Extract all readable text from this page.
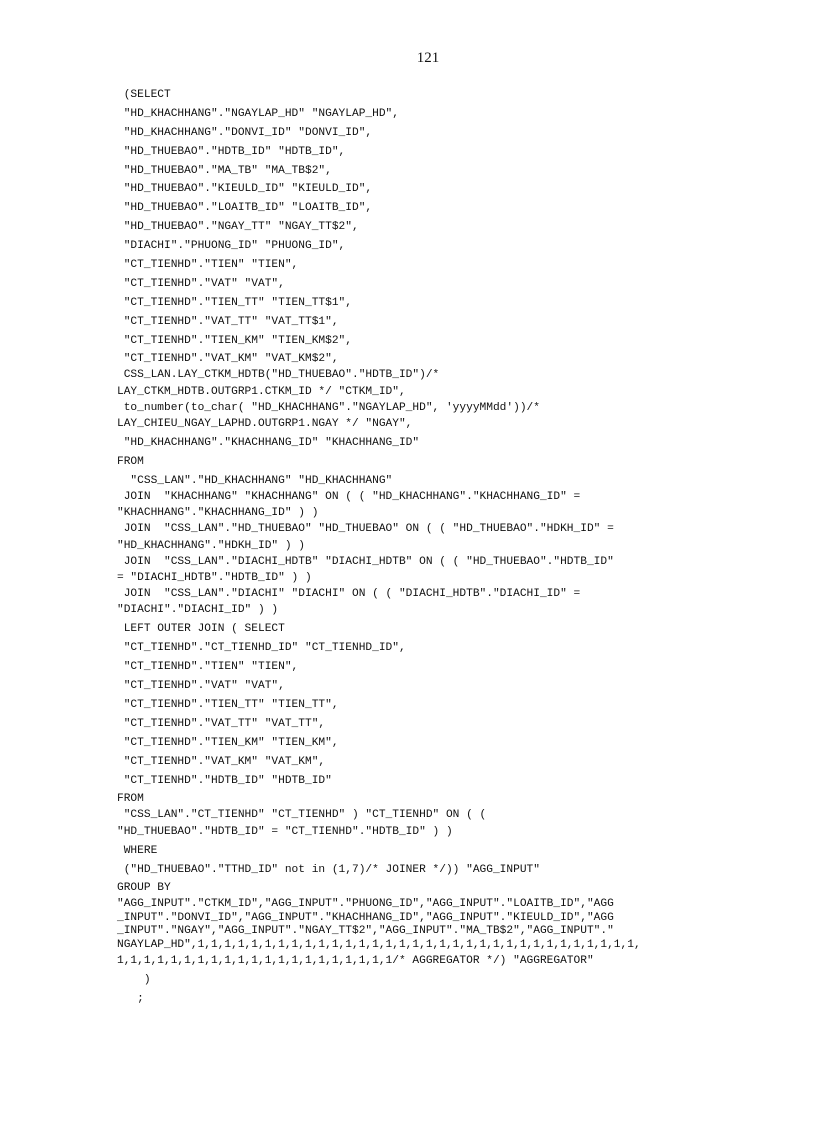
121
(SELECT
"HD_KHACHHANG"."NGAYLAP_HD" "NGAYLAP_HD",
"HD_KHACHHANG"."DONVI_ID" "DONVI_ID",
"HD_THUEBAO"."HDTB_ID" "HDTB_ID",
"HD_THUEBAO"."MA_TB" "MA_TB$2",
"HD_THUEBAO"."KIEULD_ID" "KIEULD_ID",
"HD_THUEBAO"."LOAITB_ID" "LOAITB_ID",
"HD_THUEBAO"."NGAY_TT" "NGAY_TT$2",
"DIACHI"."PHUONG_ID" "PHUONG_ID",
"CT_TIENHD"."TIEN" "TIEN",
"CT_TIENHD"."VAT" "VAT",
"CT_TIENHD"."TIEN_TT" "TIEN_TT$1",
"CT_TIENHD"."VAT_TT" "VAT_TT$1",
"CT_TIENHD"."TIEN_KM" "TIEN_KM$2",
"CT_TIENHD"."VAT_KM" "VAT_KM$2",
CSS_LAN.LAY_CTKM_HDTB("HD_THUEBAO"."HDTB_ID")/*
LAY_CTKM_HDTB.OUTGRP1.CTKM_ID */ "CTKM_ID",
to_number(to_char( "HD_KHACHHANG"."NGAYLAP_HD", 'yyyyMMdd'))/*
LAY_CHIEU_NGAY_LAPHD.OUTGRP1.NGAY */ "NGAY",
"HD_KHACHHANG"."KHACHHANG_ID" "KHACHHANG_ID"
FROM
"CSS_LAN"."HD_KHACHHANG" "HD_KHACHHANG"
JOIN  "KHACHHANG" "KHACHHANG" ON ( ( "HD_KHACHHANG"."KHACHHANG_ID" =
"KHACHHANG"."KHACHHANG_ID" ) )
JOIN  "CSS_LAN"."HD_THUEBAO" "HD_THUEBAO" ON ( ( "HD_THUEBAO"."HDKH_ID" =
"HD_KHACHHANG"."HDKH_ID" ) )
JOIN  "CSS_LAN"."DIACHI_HDTB" "DIACHI_HDTB" ON ( ( "HD_THUEBAO"."HDTB_ID"
= "DIACHI_HDTB"."HDTB_ID" ) )
JOIN  "CSS_LAN"."DIACHI" "DIACHI" ON ( ( "DIACHI_HDTB"."DIACHI_ID" =
"DIACHI"."DIACHI_ID" ) )
LEFT OUTER JOIN ( SELECT
"CT_TIENHD"."CT_TIENHD_ID" "CT_TIENHD_ID",
"CT_TIENHD"."TIEN" "TIEN",
"CT_TIENHD"."VAT" "VAT",
"CT_TIENHD"."TIEN_TT" "TIEN_TT",
"CT_TIENHD"."VAT_TT" "VAT_TT",
"CT_TIENHD"."TIEN_KM" "TIEN_KM",
"CT_TIENHD"."VAT_KM" "VAT_KM",
"CT_TIENHD"."HDTB_ID" "HDTB_ID"
FROM
"CSS_LAN"."CT_TIENHD" "CT_TIENHD" ) "CT_TIENHD" ON ( (
"HD_THUEBAO"."HDTB_ID" = "CT_TIENHD"."HDTB_ID" ) )
WHERE
("HD_THUEBAO"."TTHD_ID" not in (1,7)/* JOINER */)) "AGG_INPUT"
GROUP BY
"AGG_INPUT"."CTKM_ID","AGG_INPUT"."PHUONG_ID","AGG_INPUT"."LOAITB_ID","AGG
_INPUT"."DONVI_ID","AGG_INPUT"."KHACHHANG_ID","AGG_INPUT"."KIEULD_ID","AGG
_INPUT"."NGAY","AGG_INPUT"."NGAY_TT$2","AGG_INPUT"."MA_TB$2","AGG_INPUT"."
NGAYLAP_HD",1,1,1,1,1,1,1,1,1,1,1,1,1,1,1,1,1,1,1,1,1,1,1,1,1,1,1,1,1,1,1,1,1,
1,1,1,1,1,1,1,1,1,1,1,1,1,1,1,1,1,1,1,1,1/* AGGREGATOR */) "AGGREGATOR"
)
;
